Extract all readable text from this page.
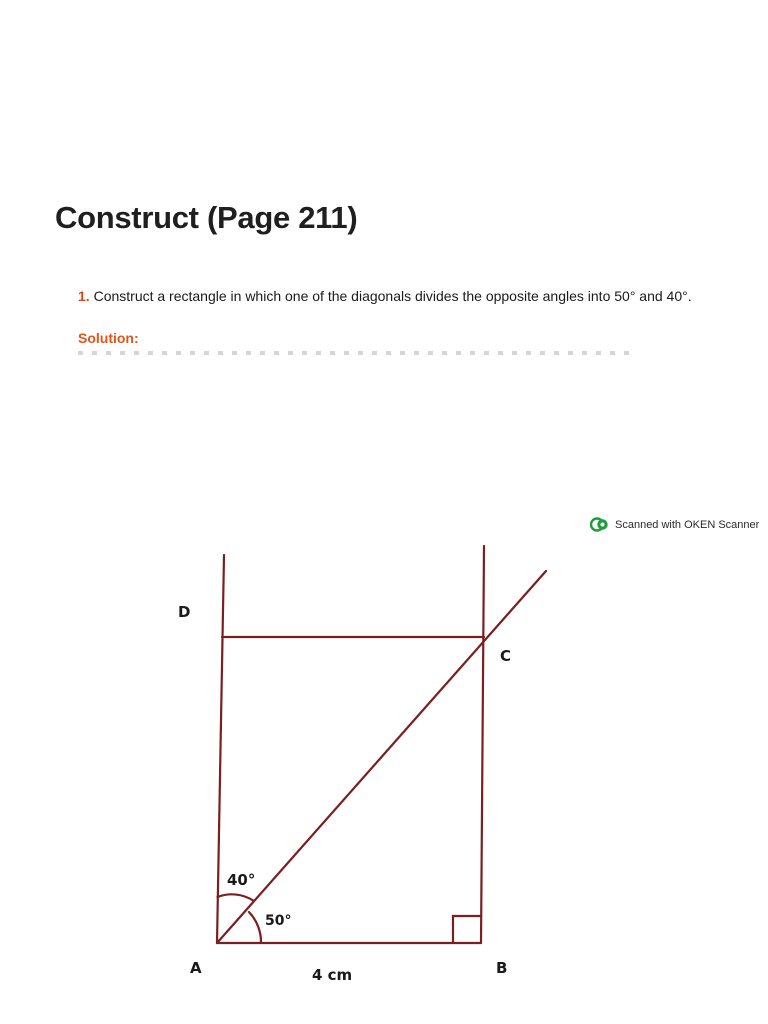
Construct (Page 211)
1. Construct a rectangle in which one of the diagonals divides the opposite angles into 50° and 40°.
Solution:
Scanned with OKEN Scanner
D
C
A	B
40°
50°
4 cm
